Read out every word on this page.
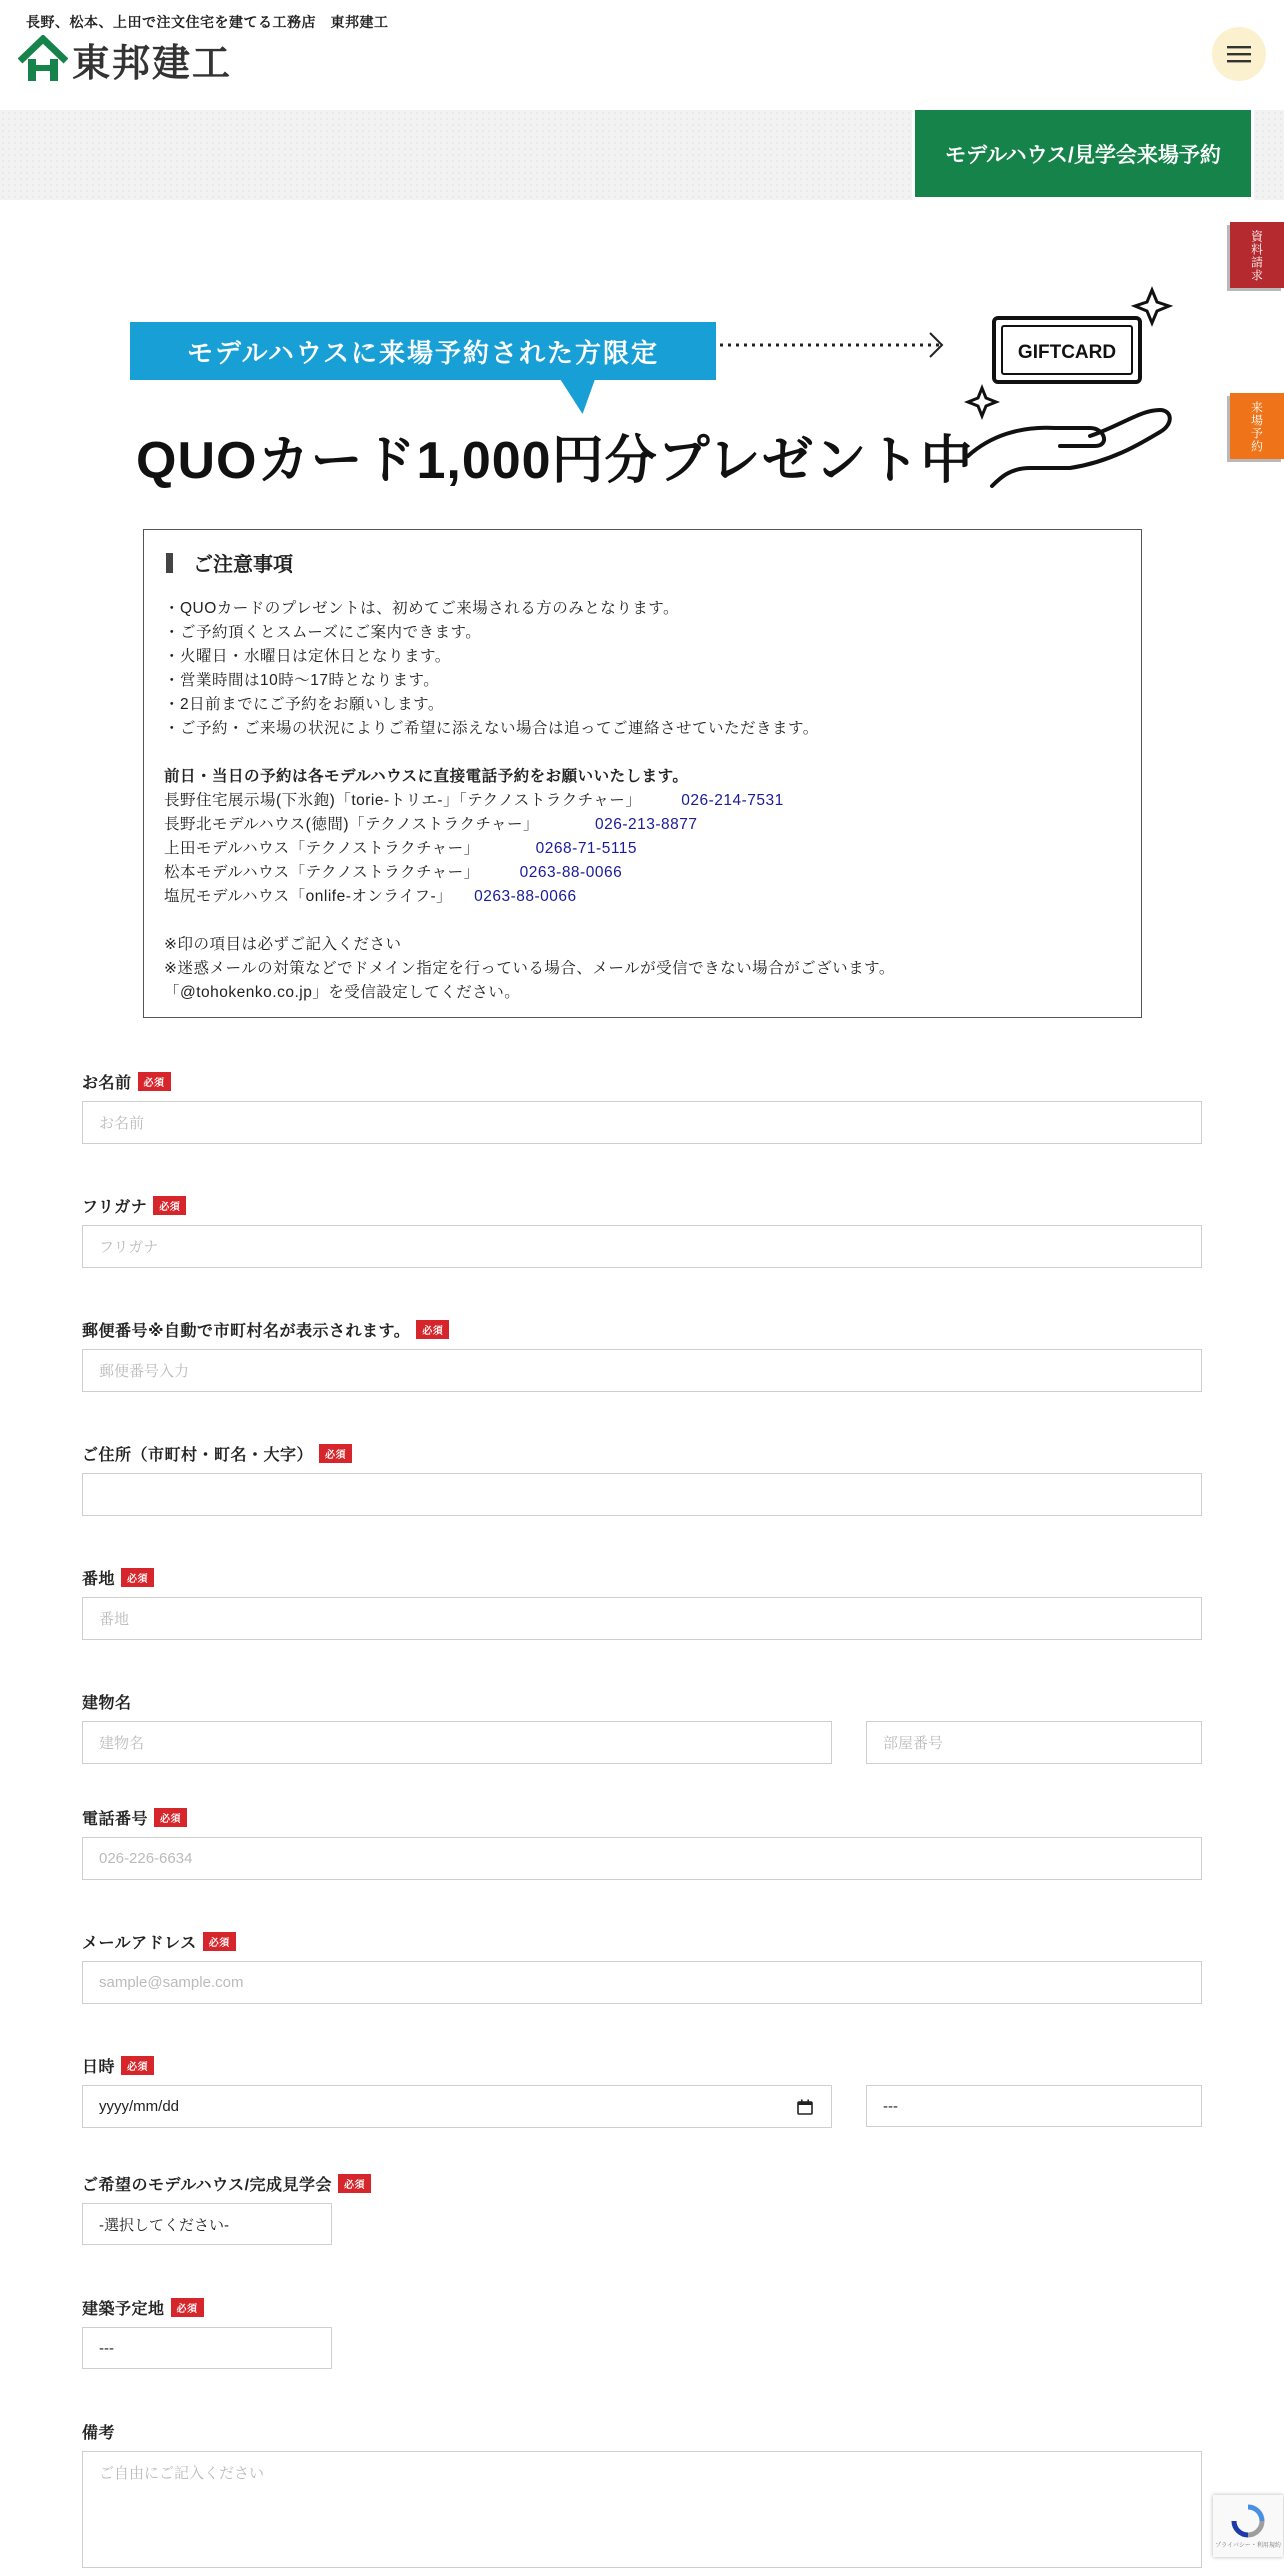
長野、松本、上田で注文住宅を建てる工務店　東邦建工
東邦建工
モデルハウス/見学会来場予約
資料請求
来場予約
モデルハウスに来場予約された方限定
QUOカード1,000円分プレゼント中
GIFTCARD
ご注意事項
・QUOカードのプレゼントは、初めてご来場される方のみとなります。
・ご予約頂くとスムーズにご案内できます。
・火曜日・水曜日は定休日となります。
・営業時間は10時〜17時となります。
・2日前までにご予約をお願いします。
・ご予約・ご来場の状況によりご希望に添えない場合は追ってご連絡させていただきます。
前日・当日の予約は各モデルハウスに直接電話予約をお願いいたします。
長野住宅展示場(下氷鉋)「torie-トリエ-」「テクノストラクチャー」	026-214-7531
長野北モデルハウス(徳間)「テクノストラクチャー」	026-213-8877
上田モデルハウス「テクノストラクチャー」	0268-71-5115
松本モデルハウス「テクノストラクチャー」	0263-88-0066
塩尻モデルハウス「onlife-オンライフ-」 0263-88-0066
※印の項目は必ずご記入ください
※迷惑メールの対策などでドメイン指定を行っている場合、メールが受信できない場合がございます。
「@tohokenko.co.jp」を受信設定してください。
お名前	必須
お名前
フリガナ	必須
フリガナ
郵便番号※自動で市町村名が表示されます。	必須
郵便番号入力
ご住所（市町村・町名・大字）	必須
番地	必須
番地
建物名
建物名	部屋番号
電話番号	必須
026-226-6634
メールアドレス	必須
sample@sample.com
日時	必須
yyyy/mm/dd	---
ご希望のモデルハウス/完成見学会	必須
-選択してください-
建築予定地	必須
---
備考
ご自由にご記入ください
プライバシー・利用規約
